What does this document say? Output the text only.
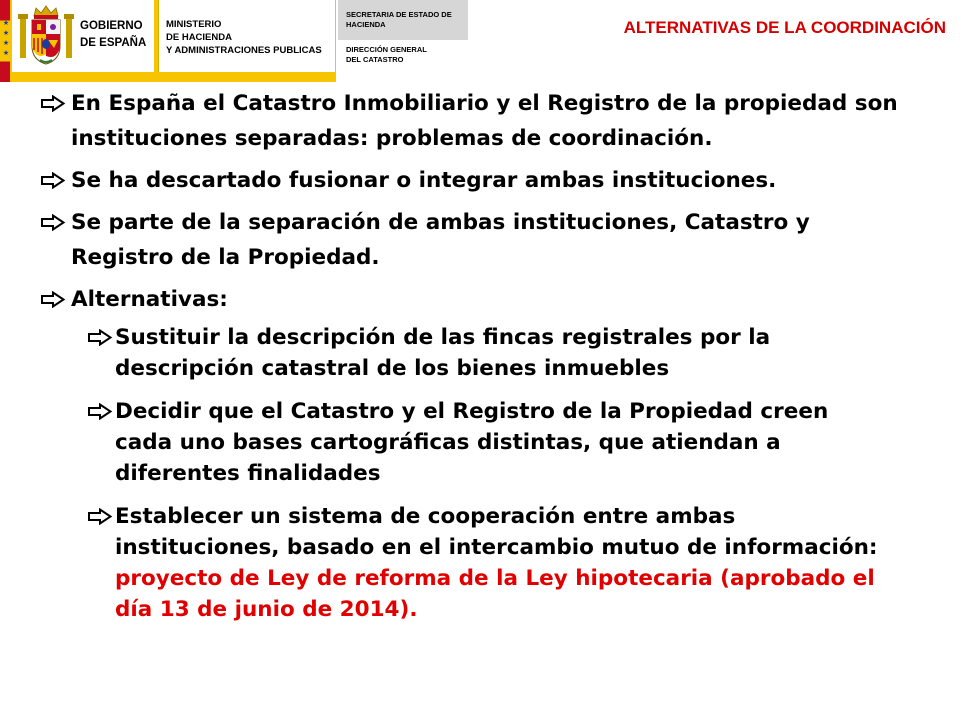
★
★
★
★
GOBIERNO
DE ESPAÑA
MINISTERIO
DE HACIENDA
Y ADMINISTRACIONES PUBLICAS
SECRETARIA DE ESTADO DE
HACIENDA
DIRECCIÓN GENERAL
DEL CATASTRO
ALTERNATIVAS DE LA COORDINACIÓN
En España el Catastro Inmobiliario y el Registro de la propiedad son instituciones separadas: problemas de coordinación.
Se ha descartado fusionar o integrar ambas instituciones.
Se parte de la separación de ambas instituciones, Catastro y Registro de la Propiedad.
Alternativas:
Sustituir la descripción de las fincas registrales por la descripción catastral de los bienes inmuebles
Decidir que el Catastro y el Registro de la Propiedad creen cada uno bases cartográficas distintas, que atiendan a diferentes finalidades
Establecer un sistema de cooperación entre ambas instituciones, basado en el intercambio mutuo de información: proyecto de Ley de reforma de la Ley hipotecaria (aprobado el día 13 de junio de 2014).
